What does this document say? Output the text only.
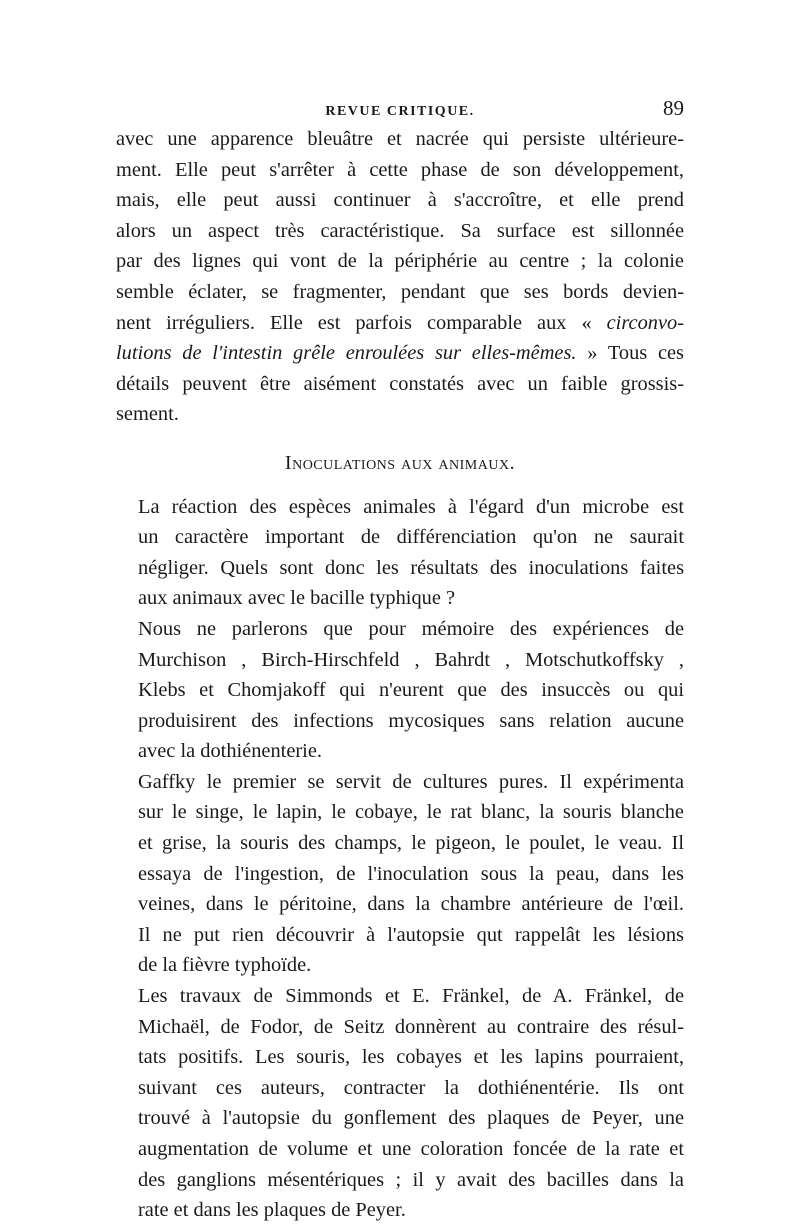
REVUE CRITIQUE.	89

avec une apparence bleuâtre et nacrée qui persiste ultérieure-
ment. Elle peut s'arrêter à cette phase de son développement,
mais, elle peut aussi continuer à s'accroître, et elle prend
alors un aspect très caractéristique. Sa surface est sillonnée
par des lignes qui vont de la périphérie au centre ; la colonie
semble éclater, se fragmenter, pendant que ses bords devien-
nent irréguliers. Elle est parfois comparable aux « circonvo-
lutions de l'intestin grêle enroulées sur elles-mêmes. » Tous ces
détails peuvent être aisément constatés avec un faible grossis-
sement.

Inoculations aux animaux.

La réaction des espèces animales à l'égard d'un microbe est
un caractère important de différenciation qu'on ne saurait
négliger. Quels sont donc les résultats des inoculations faites
aux animaux avec le bacille typhique ?

Nous ne parlerons que pour mémoire des expériences de
Murchison , Birch-Hirschfeld , Bahrdt , Motschutkoffsky ,
Klebs et Chomjakoff qui n'eurent que des insuccès ou qui
produisirent des infections mycosiques sans relation aucune
avec la dothiénenterie.

Gaffky le premier se servit de cultures pures. Il expérimenta
sur le singe, le lapin, le cobaye, le rat blanc, la souris blanche
et grise, la souris des champs, le pigeon, le poulet, le veau. Il
essaya de l'ingestion, de l'inoculation sous la peau, dans les
veines, dans le péritoine, dans la chambre antérieure de l'œil.
Il ne put rien découvrir à l'autopsie qut rappelât les lésions
de la fièvre typhoïde.

Les travaux de Simmonds et E. Fränkel, de A. Fränkel, de
Michaël, de Fodor, de Seitz donnèrent au contraire des résul-
tats positifs. Les souris, les cobayes et les lapins pourraient,
suivant ces auteurs, contracter la dothiénentérie. Ils ont
trouvé à l'autopsie du gonflement des plaques de Peyer, une
augmentation de volume et une coloration foncée de la rate et
des ganglions mésentériques ; il y avait des bacilles dans la
rate et dans les plaques de Peyer.
